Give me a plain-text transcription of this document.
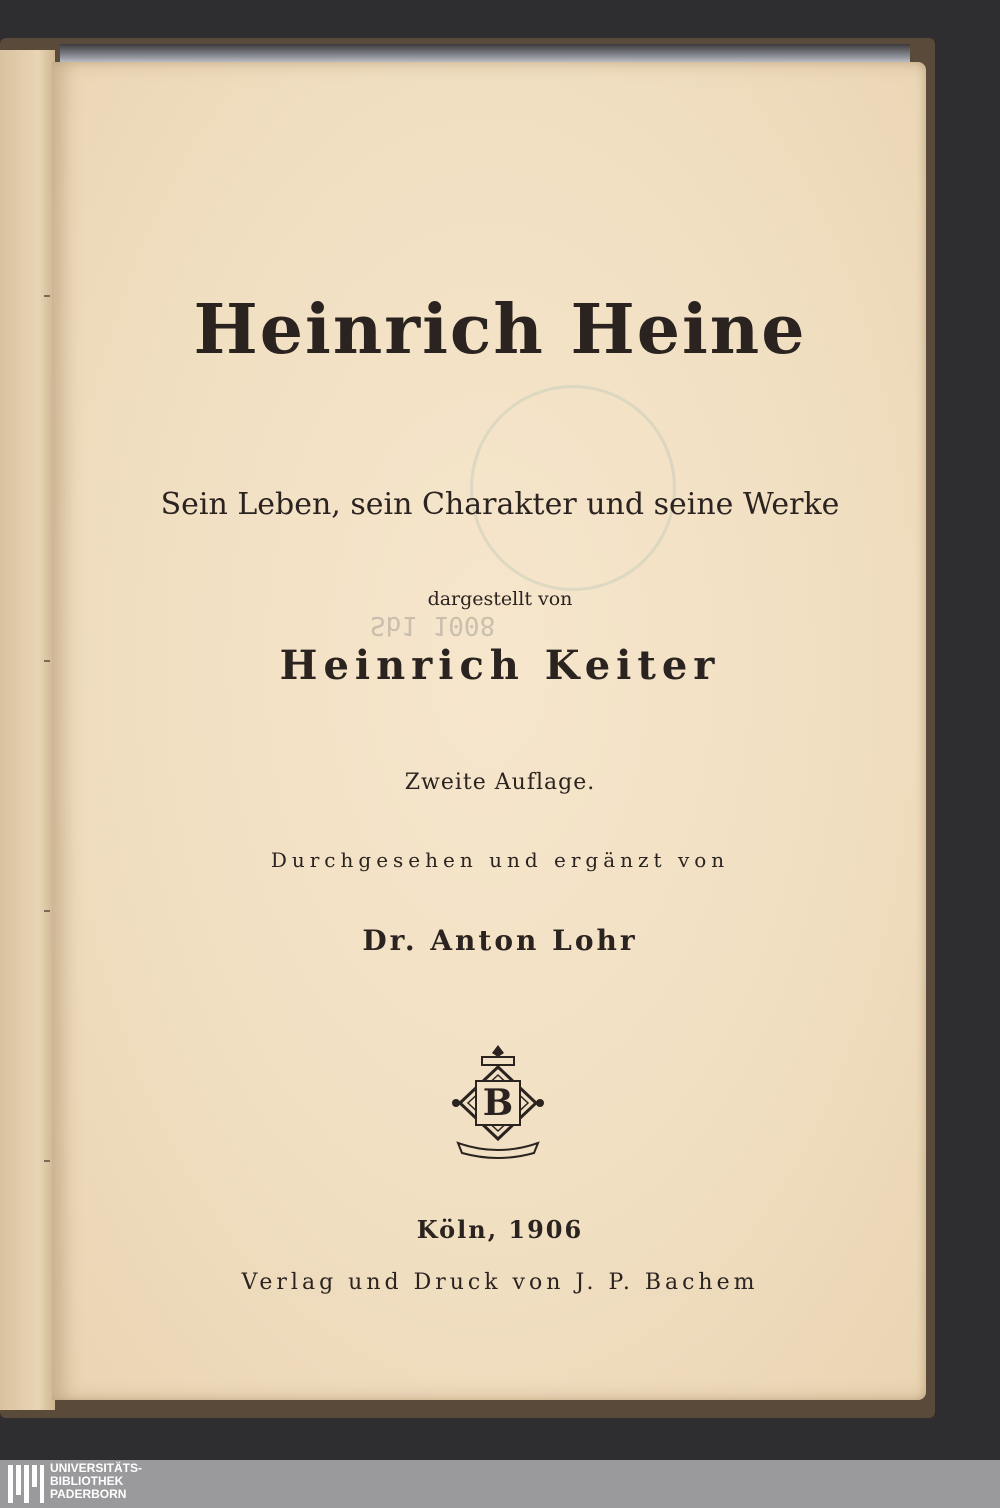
Sb1 1008
Heinrich Heine
Sein Leben, sein Charakter und seine Werke
dargestellt von
Heinrich Keiter
Zweite Auflage.
Durchgesehen und ergänzt von
Dr. Anton Lohr
B
Köln, 1906
Verlag und Druck von J. P. Bachem
UNIVERSITÄTS-
BIBLIOTHEK
PADERBORN
